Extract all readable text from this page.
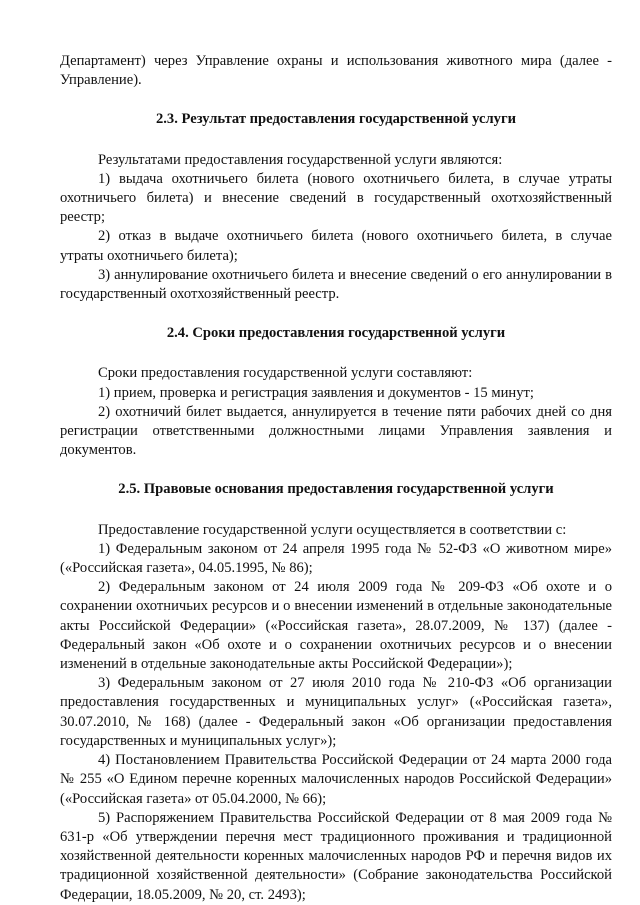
Департамент) через Управление охраны и использования животного мира (далее - Управление).

2.3. Результат предоставления государственной услуги

Результатами предоставления государственной услуги являются:

1) выдача охотничьего билета (нового охотничьего билета, в случае утраты охотничьего билета) и внесение сведений в государственный охотхозяйственный реестр;

2) отказ в выдаче охотничьего билета (нового охотничьего билета, в случае утраты охотничьего билета);

3) аннулирование охотничьего билета и внесение сведений о его аннулировании в государственный охотхозяйственный реестр.

2.4. Сроки предоставления государственной услуги

Сроки предоставления государственной услуги составляют:

1) прием, проверка и регистрация заявления и документов - 15 минут;

2) охотничий билет выдается, аннулируется в течение пяти рабочих дней со дня регистрации ответственными должностными лицами Управления заявления и документов.

2.5. Правовые основания предоставления государственной услуги

Предоставление государственной услуги осуществляется в соответствии с:

1) Федеральным законом от 24 апреля 1995 года № 52-ФЗ «О животном мире» («Российская газета», 04.05.1995, № 86);

2) Федеральным законом от 24 июля 2009 года № 209-ФЗ «Об охоте и о сохранении охотничьих ресурсов и о внесении изменений в отдельные законодательные акты Российской Федерации» («Российская газета», 28.07.2009, № 137) (далее - Федеральный закон «Об охоте и о сохранении охотничьих ресурсов и о внесении изменений в отдельные законодательные акты Российской Федерации»);

3) Федеральным законом от 27 июля 2010 года № 210-ФЗ «Об организации предоставления государственных и муниципальных услуг» («Российская газета», 30.07.2010, № 168) (далее - Федеральный закон «Об организации предоставления государственных и муниципальных услуг»);

4) Постановлением Правительства Российской Федерации от 24 марта 2000 года № 255 «О Едином перечне коренных малочисленных народов Российской Федерации» («Российская газета» от 05.04.2000, № 66);

5) Распоряжением Правительства Российской Федерации от 8 мая 2009 года № 631-р «Об утверждении перечня мест традиционного проживания и традиционной хозяйственной деятельности коренных малочисленных народов РФ и перечня видов их традиционной хозяйственной деятельности» (Собрание законодательства Российской Федерации, 18.05.2009, № 20, ст. 2493);
